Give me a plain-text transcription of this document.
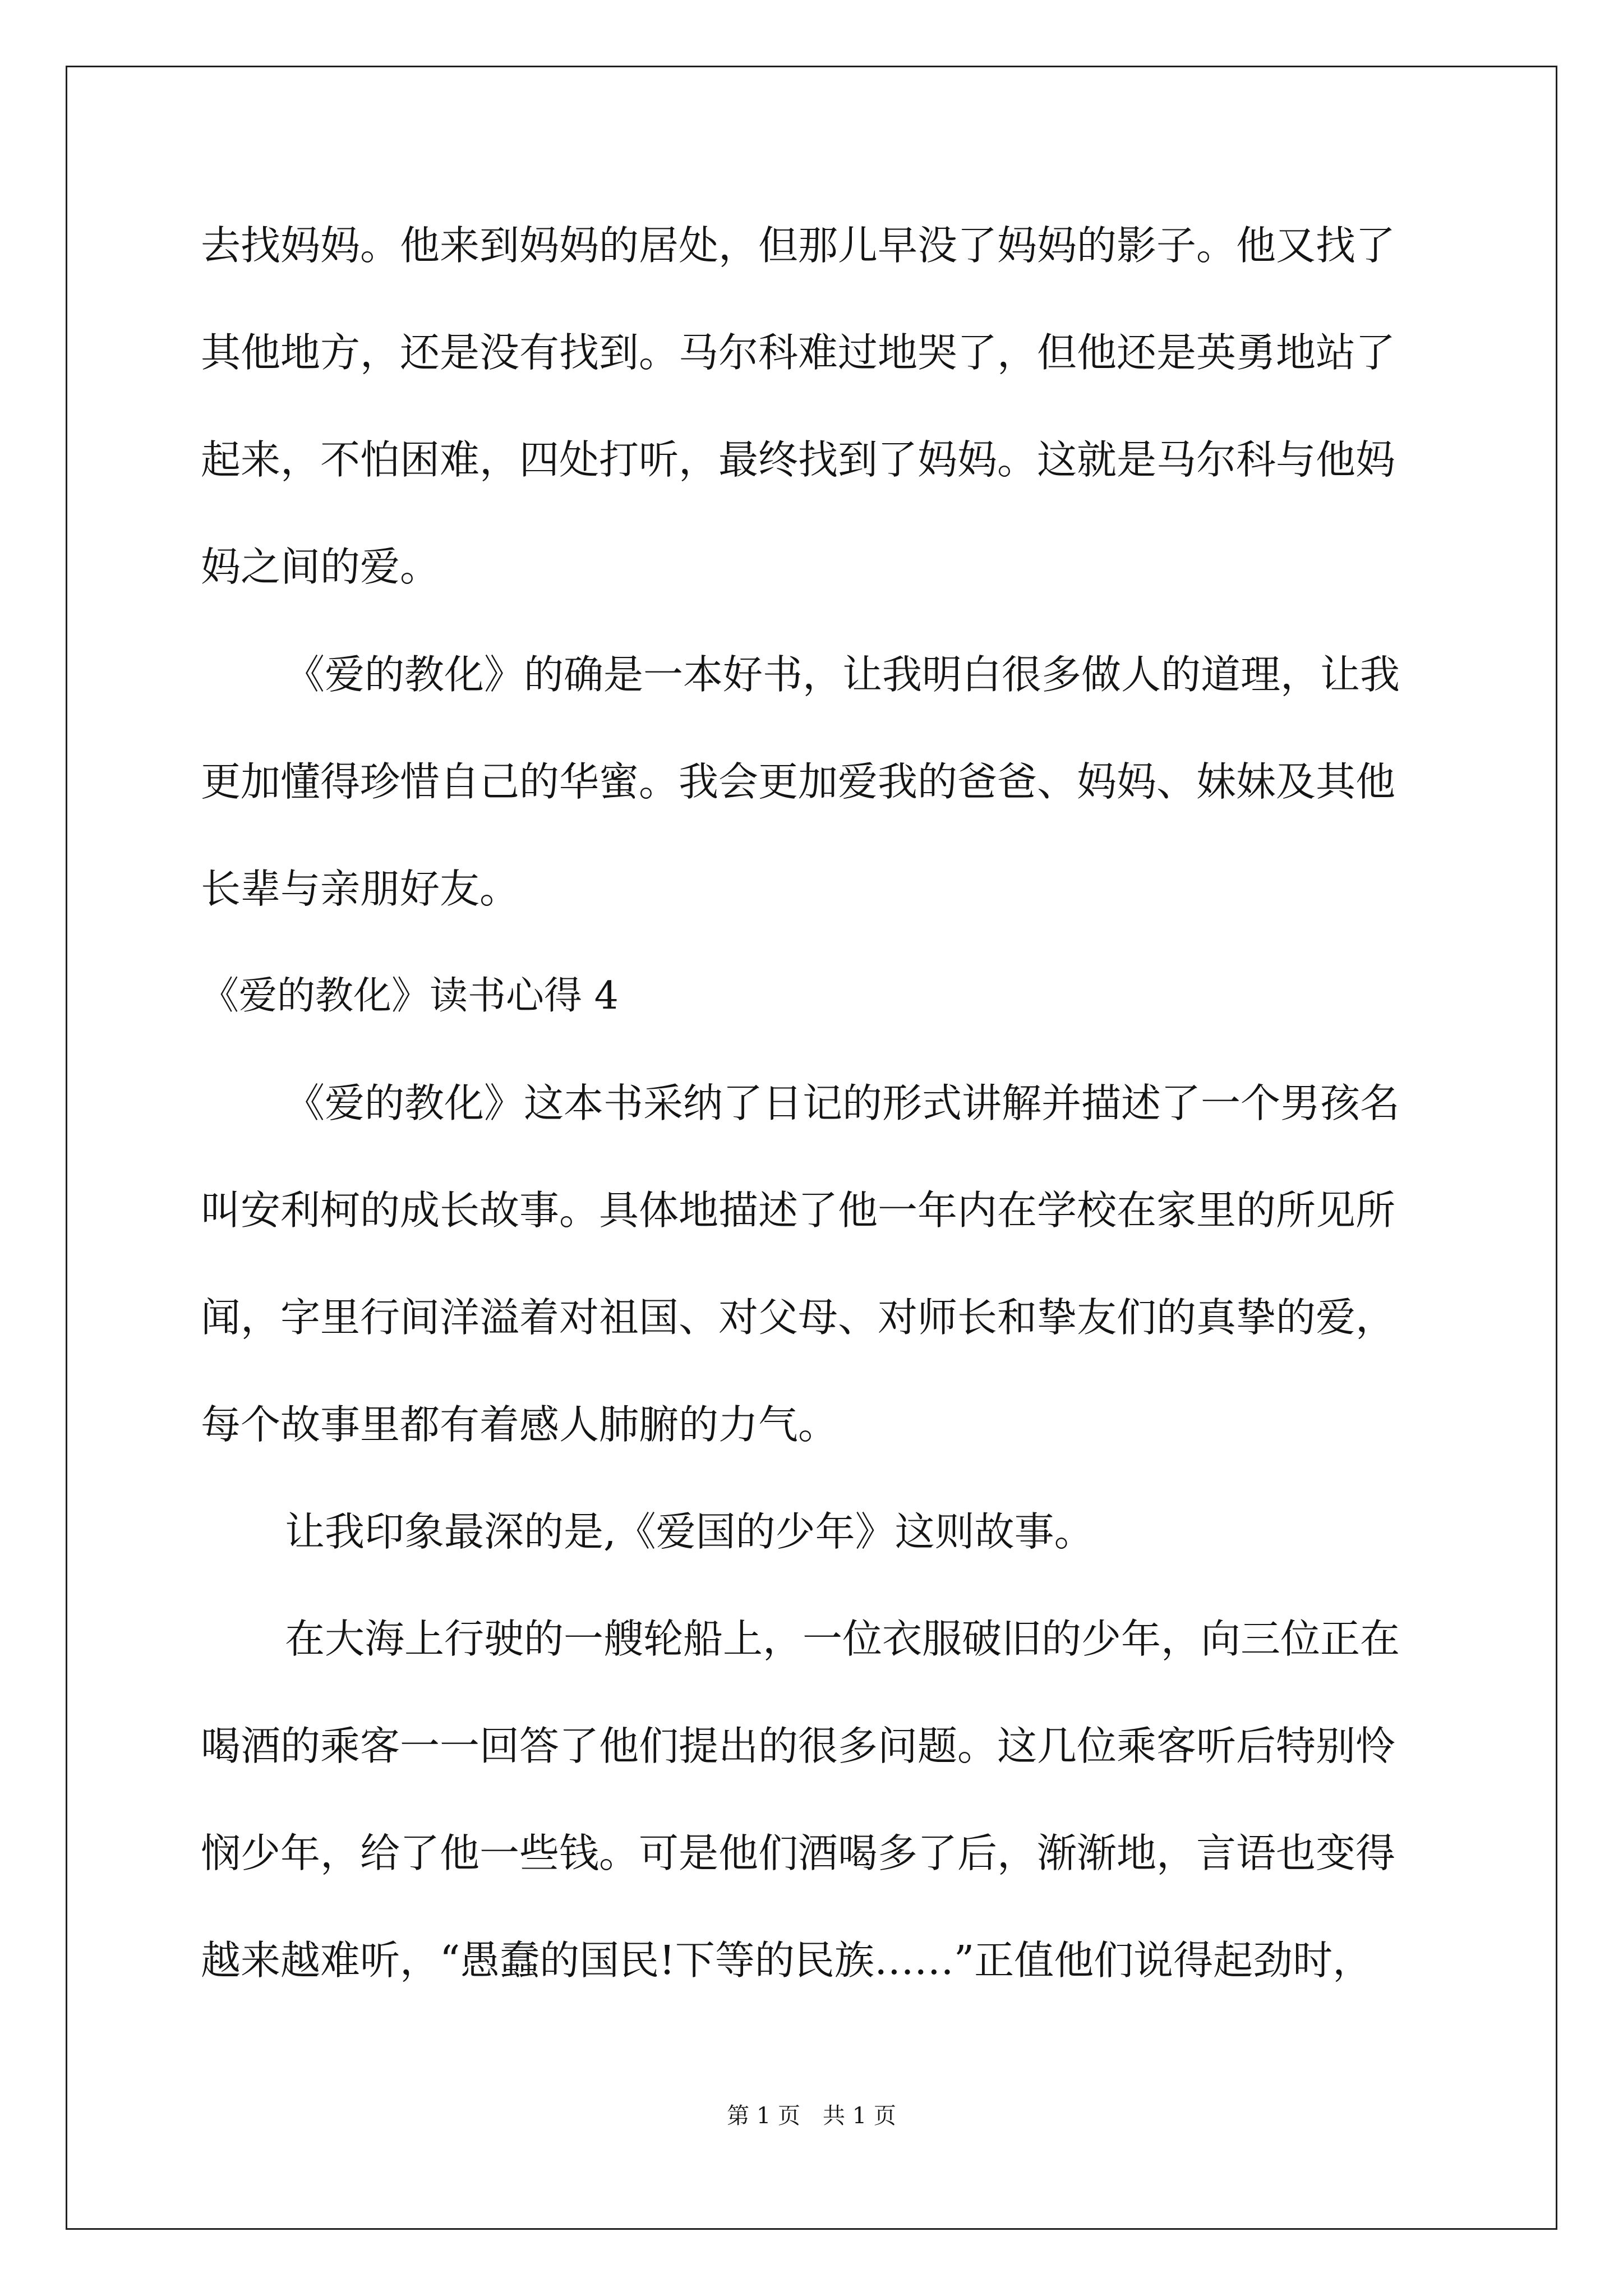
去找妈妈。他来到妈妈的居处，但那儿早没了妈妈的影子。他又找了
其他地方，还是没有找到。马尔科难过地哭了，但他还是英勇地站了
起来，不怕困难，四处打听，最终找到了妈妈。这就是马尔科与他妈
妈之间的爱。
《爱的教化》的确是一本好书，让我明白很多做人的道理，让我
更加懂得珍惜自己的华蜜。我会更加爱我的爸爸、妈妈、妹妹及其他
长辈与亲朋好友。
《爱的教化》读书心得 4
《爱的教化》这本书采纳了日记的形式讲解并描述了一个男孩名
叫安利柯的成长故事。具体地描述了他一年内在学校在家里的所见所
闻，字里行间洋溢着对祖国、对父母、对师长和挚友们的真挚的爱，
每个故事里都有着感人肺腑的力气。
让我印象最深的是,《爱国的少年》这则故事。
在大海上行驶的一艘轮船上，一位衣服破旧的少年，向三位正在
喝酒的乘客一一回答了他们提出的很多问题。这几位乘客听后特别怜
悯少年，给了他一些钱。可是他们酒喝多了后，渐渐地，言语也变得
越来越难听，“愚蠢的国民!下等的民族……”正值他们说得起劲时，
第 1 页　共 1 页
